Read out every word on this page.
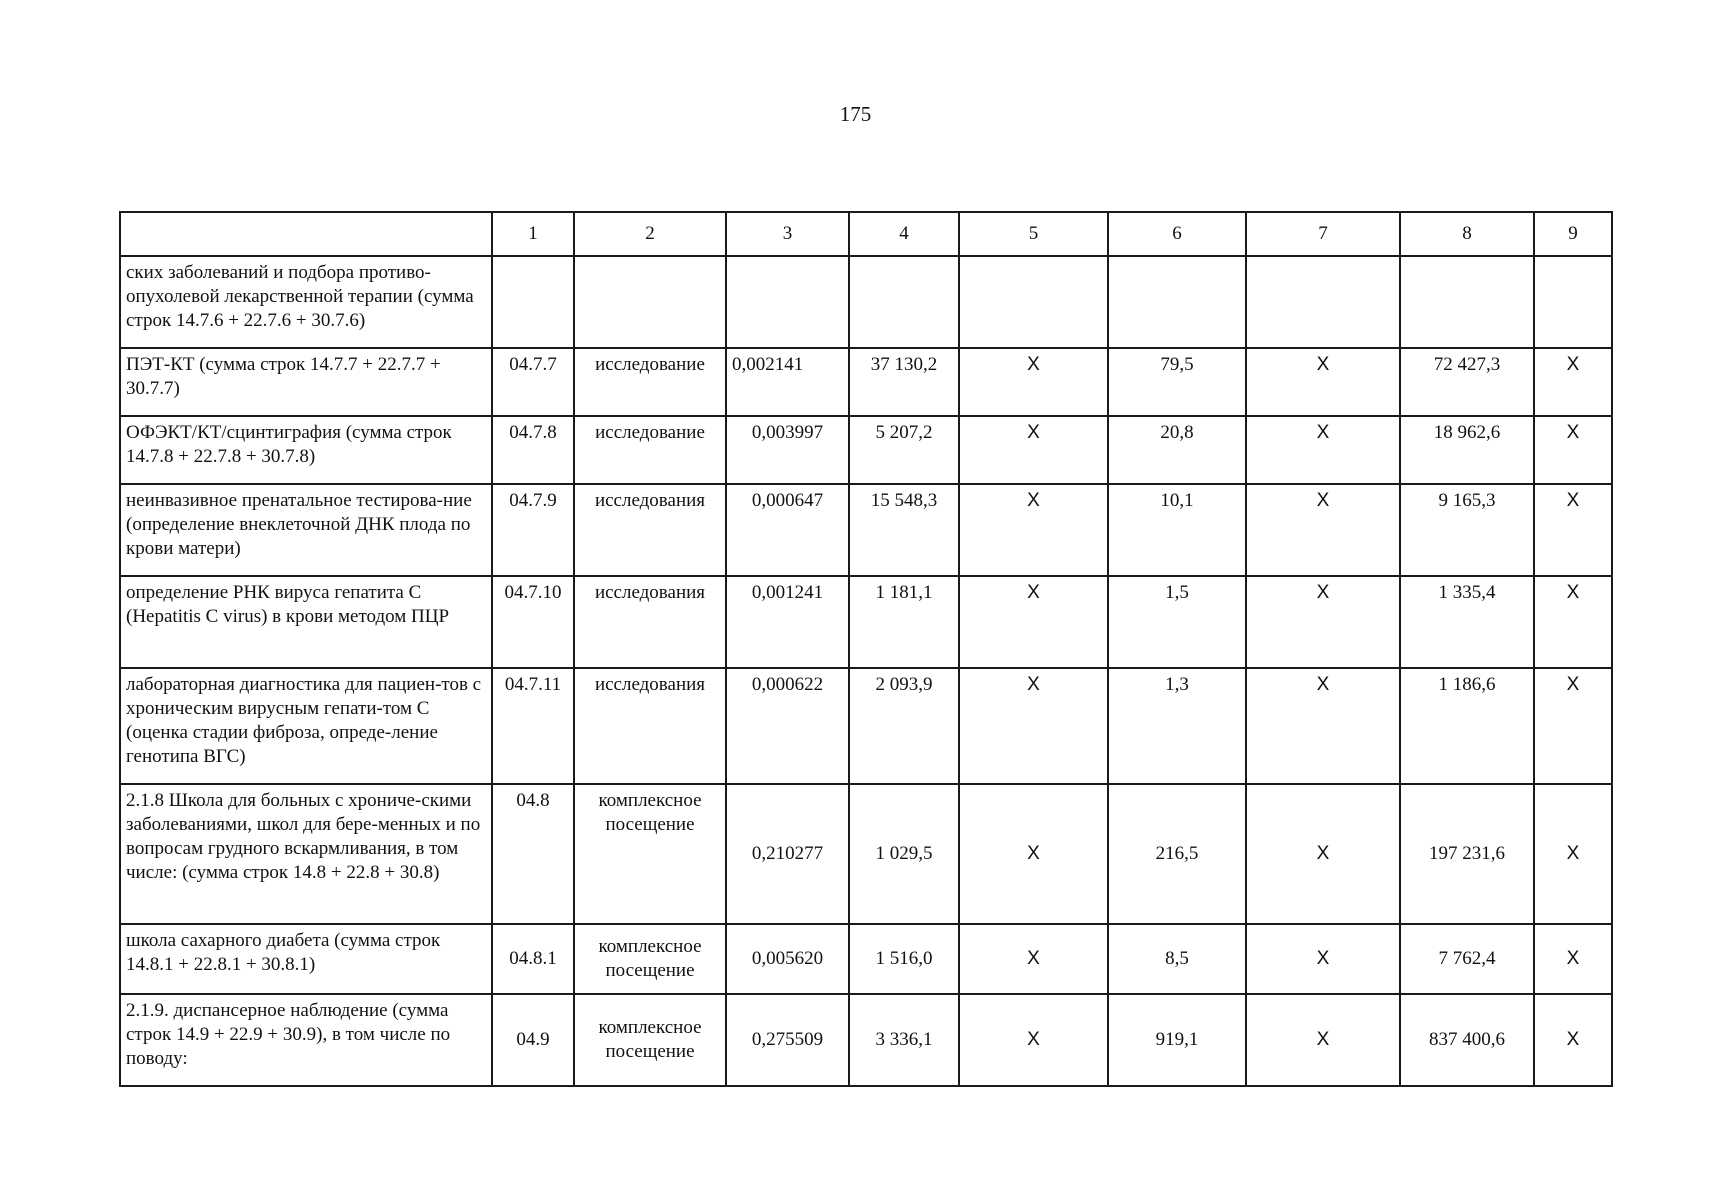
175
	1	2	3	4	5	6	7	8	9
ских заболеваний и подбора противо-опухолевой лекарственной терапии (сумма строк 14.7.6 + 22.7.6 + 30.7.6)									
ПЭТ-КТ (сумма строк 14.7.7 + 22.7.7 + 30.7.7)	04.7.7	исследование	0,002141	37 130,2	X	79,5	X	72 427,3	X
ОФЭКТ/КТ/сцинтиграфия (сумма строк 14.7.8 + 22.7.8 + 30.7.8)	04.7.8	исследование	0,003997	5 207,2	X	20,8	X	18 962,6	X
неинвазивное пренатальное тестирова-ние (определение внеклеточной ДНК плода по крови матери)	04.7.9	исследования	0,000647	15 548,3	X	10,1	X	9 165,3	X
определение РНК вируса гепатита С (Hepatitis C virus) в крови методом ПЦР	04.7.10	исследования	0,001241	1 181,1	X	1,5	X	1 335,4	X
лабораторная диагностика для пациен-тов с хроническим вирусным гепати-том С (оценка стадии фиброза, опреде-ление генотипа ВГС)	04.7.11	исследования	0,000622	2 093,9	X	1,3	X	1 186,6	X
2.1.8 Школа для больных с хрониче-скими заболеваниями, школ для бере-менных и по вопросам грудного вскармливания, в том числе: (сумма строк 14.8 + 22.8 + 30.8)	04.8	комплексное посещение	0,210277	1 029,5	X	216,5	X	197 231,6	X
школа сахарного диабета (сумма строк 14.8.1 + 22.8.1 + 30.8.1)	04.8.1	комплексное посещение	0,005620	1 516,0	X	8,5	X	7 762,4	X
2.1.9. диспансерное наблюдение (сумма строк 14.9 + 22.9 + 30.9), в том числе по поводу:	04.9	комплексное посещение	0,275509	3 336,1	X	919,1	X	837 400,6	X
